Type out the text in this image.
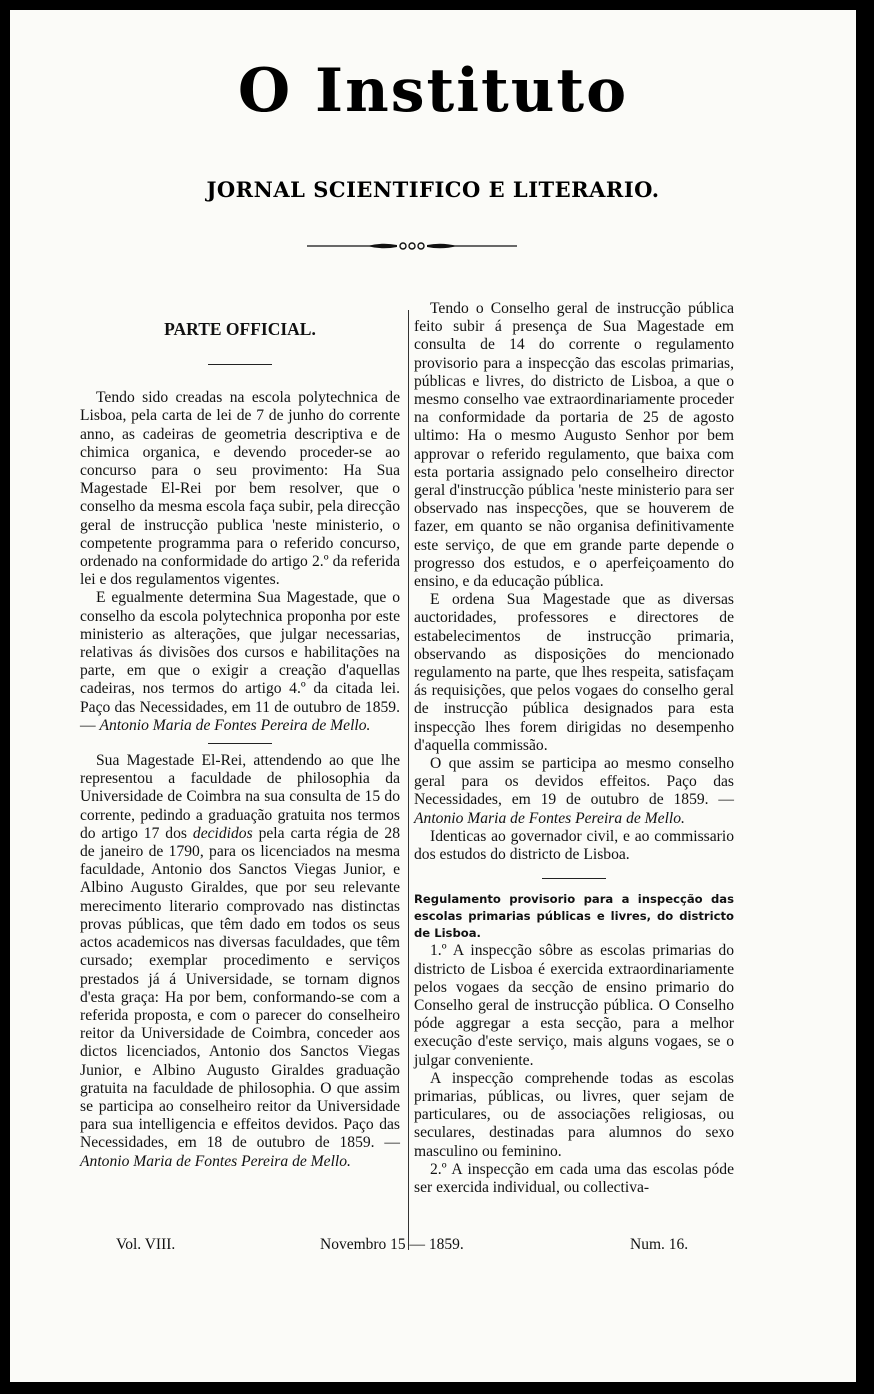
O Instituto
JORNAL SCIENTIFICO E LITERARIO.

PARTE OFFICIAL.

Tendo sido creadas na escola polytechnica de Lisboa, pela carta de lei de 7 de junho do corrente anno, as cadeiras de geometria descriptiva e de chimica organica, e devendo proceder-se ao concurso para o seu provimento: Ha Sua Magestade El-Rei por bem resolver, que o conselho da mesma escola faça subir, pela direcção geral de instrucção publica 'neste ministerio, o competente programma para o referido concurso, ordenado na conformidade do artigo 2.º da referida lei e dos regulamentos vigentes.

E egualmente determina Sua Magestade, que o conselho da escola polytechnica proponha por este ministerio as alterações, que julgar necessarias, relativas ás divisões dos cursos e habilitações na parte, em que o exigir a creação d'aquellas cadeiras, nos termos do artigo 4.º da citada lei. Paço das Necessidades, em 11 de outubro de 1859. — Antonio Maria de Fontes Pereira de Mello.

Sua Magestade El-Rei, attendendo ao que lhe representou a faculdade de philosophia da Universidade de Coimbra na sua consulta de 15 do corrente, pedindo a graduação gratuita nos termos do artigo 17 dos decididos pela carta régia de 28 de janeiro de 1790, para os licenciados na mesma faculdade, Antonio dos Sanctos Viegas Junior, e Albino Augusto Giraldes, que por seu relevante merecimento literario comprovado nas distinctas provas públicas, que têm dado em todos os seus actos academicos nas diversas faculdades, que têm cursado; exemplar procedimento e serviços prestados já á Universidade, se tornam dignos d'esta graça: Ha por bem, conformando-se com a referida proposta, e com o parecer do conselheiro reitor da Universidade de Coimbra, conceder aos dictos licenciados, Antonio dos Sanctos Viegas Junior, e Albino Augusto Giraldes graduação gratuita na faculdade de philosophia. O que assim se participa ao conselheiro reitor da Universidade para sua intelligencia e effeitos devidos. Paço das Necessidades, em 18 de outubro de 1859. — Antonio Maria de Fontes Pereira de Mello.

Tendo o Conselho geral de instrucção pública feito subir á presença de Sua Magestade em consulta de 14 do corrente o regulamento provisorio para a inspecção das escolas primarias, públicas e livres, do districto de Lisboa, a que o mesmo conselho vae extraordinariamente proceder na conformidade da portaria de 25 de agosto ultimo: Ha o mesmo Augusto Senhor por bem approvar o referido regulamento, que baixa com esta portaria assignado pelo conselheiro director geral d'instrucção pública 'neste ministerio para ser observado nas inspecções, que se houverem de fazer, em quanto se não organisa definitivamente este serviço, de que em grande parte depende o progresso dos estudos, e o aperfeiçoamento do ensino, e da educação pública.

E ordena Sua Magestade que as diversas auctoridades, professores e directores de estabelecimentos de instrucção primaria, observando as disposições do mencionado regulamento na parte, que lhes respeita, satisfaçam ás requisições, que pelos vogaes do conselho geral de instrucção pública designados para esta inspecção lhes forem dirigidas no desempenho d'aquella commissão.

O que assim se participa ao mesmo conselho geral para os devidos effeitos. Paço das Necessidades, em 19 de outubro de 1859. — Antonio Maria de Fontes Pereira de Mello.

Identicas ao governador civil, e ao commissario dos estudos do districto de Lisboa.

Regulamento provisorio para a inspecção das escolas primarias públicas e livres, do districto de Lisboa.

1.º A inspecção sôbre as escolas primarias do districto de Lisboa é exercida extraordinariamente pelos vogaes da secção de ensino primario do Conselho geral de instrucção pública. O Conselho póde aggregar a esta secção, para a melhor execução d'este serviço, mais alguns vogaes, se o julgar conveniente.

A inspecção comprehende todas as escolas primarias, públicas, ou livres, quer sejam de particulares, ou de associações religiosas, ou seculares, destinadas para alumnos do sexo masculino ou feminino.

2.º A inspecção em cada uma das escolas póde ser exercida individual, ou collectiva-

Vol. VIII.	Novembro 15 — 1859.	Num. 16.
